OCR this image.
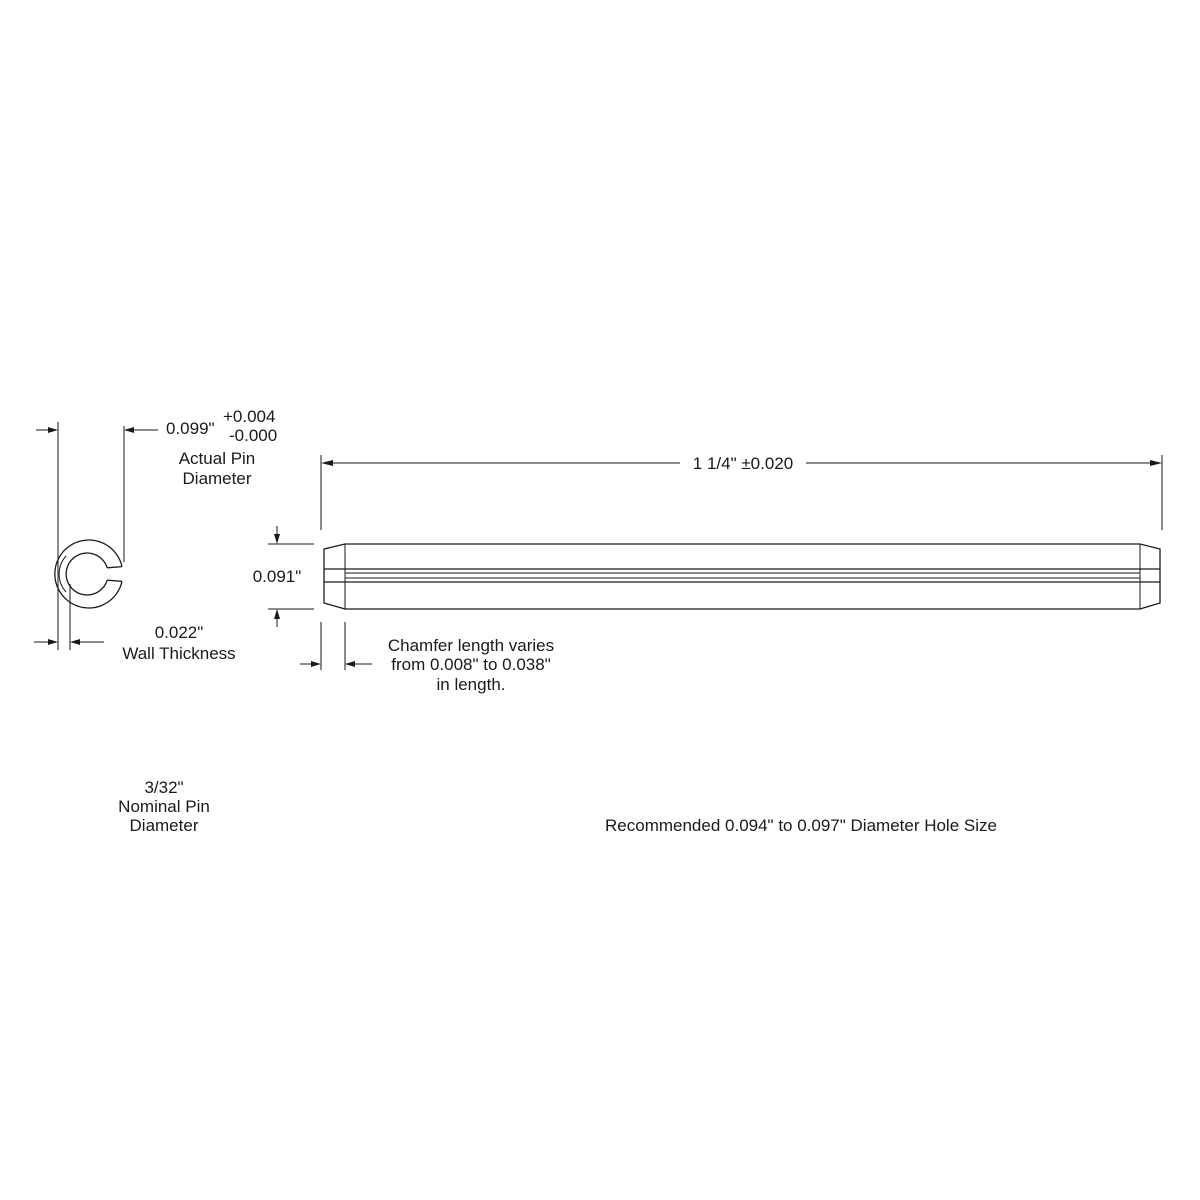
0.099"
+0.004
-0.000
Actual Pin
Diameter
0.022"
Wall Thickness
3/32"
Nominal Pin
Diameter
1 1/4" ±0.020
0.091"
Chamfer length varies
from 0.008" to 0.038"
in length.
Recommended 0.094" to 0.097" Diameter Hole Size
